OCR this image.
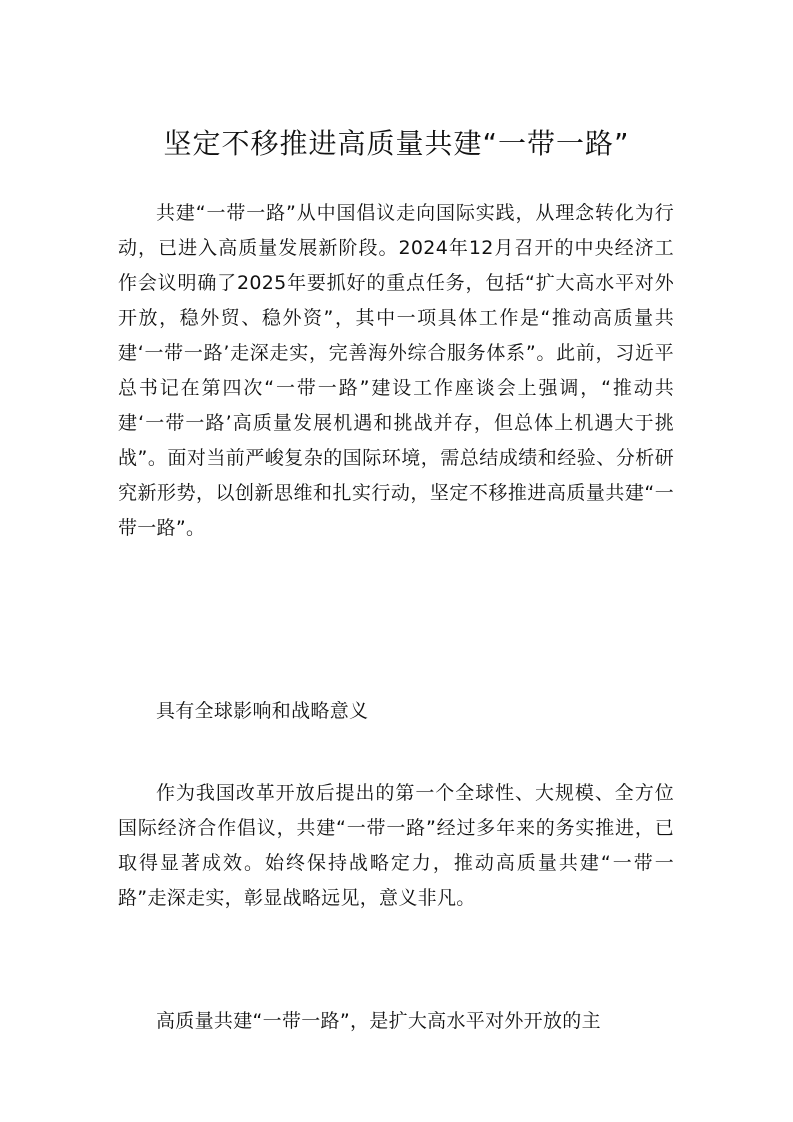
坚定不移推进高质量共建“一带一路”

共建“一带一路”从中国倡议走向国际实践，从理念转化为行动，已进入高质量发展新阶段。2024年12月召开的中央经济工作会议明确了2025年要抓好的重点任务，包括“扩大高水平对外开放，稳外贸、稳外资”，其中一项具体工作是“推动高质量共建‘一带一路’走深走实，完善海外综合服务体系”。此前，习近平总书记在第四次“一带一路”建设工作座谈会上强调，“推动共建‘一带一路’高质量发展机遇和挑战并存，但总体上机遇大于挑战”。面对当前严峻复杂的国际环境，需总结成绩和经验、分析研究新形势，以创新思维和扎实行动，坚定不移推进高质量共建“一带一路”。

具有全球影响和战略意义

作为我国改革开放后提出的第一个全球性、大规模、全方位国际经济合作倡议，共建“一带一路”经过多年来的务实推进，已取得显著成效。始终保持战略定力，推动高质量共建“一带一路”走深走实，彰显战略远见，意义非凡。

高质量共建“一带一路”，是扩大高水平对外开放的主
